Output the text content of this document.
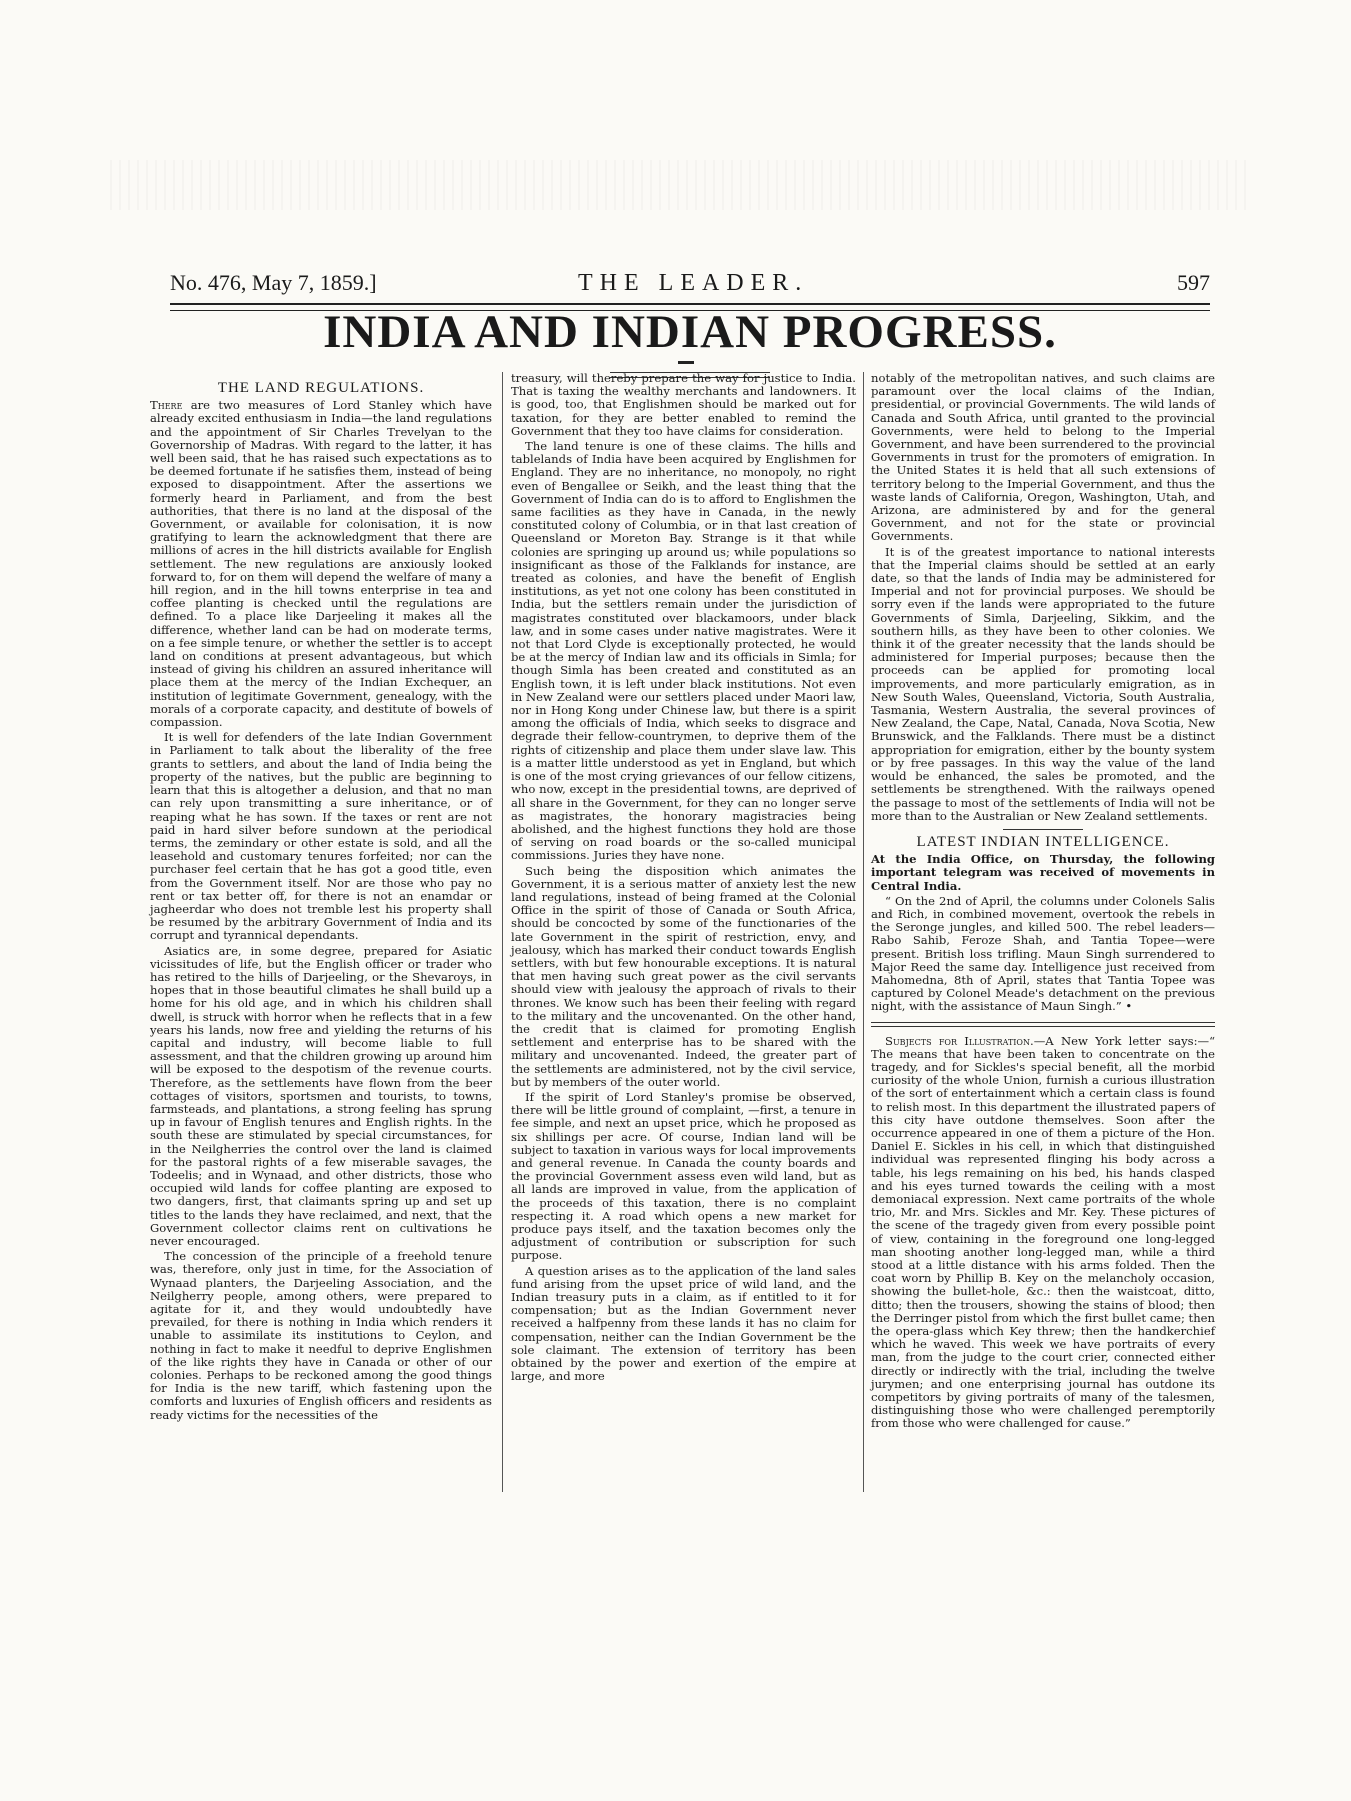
No. 476, May 7, 1859.]	THE LEADER.	597
INDIA AND INDIAN PROGRESS.
THE LAND REGULATIONS.

There are two measures of Lord Stanley which have already excited enthusiasm in India—the land regulations and the appointment of Sir Charles Trevelyan to the Governorship of Madras. With regard to the latter, it has well been said, that he has raised such expectations as to be deemed fortunate if he satisfies them, instead of being exposed to disappointment. After the assertions we formerly heard in Parliament, and from the best authorities, that there is no land at the disposal of the Government, or available for colonisation, it is now gratifying to learn the acknowledgment that there are millions of acres in the hill districts available for English settlement. The new regulations are anxiously looked forward to, for on them will depend the welfare of many a hill region, and in the hill towns enterprise in tea and coffee planting is checked until the regulations are defined. To a place like Darjeeling it makes all the difference, whether land can be had on moderate terms, on a fee simple tenure, or whether the settler is to accept land on conditions at present advantageous, but which instead of giving his children an assured inheritance will place them at the mercy of the Indian Exchequer, an institution of legitimate Government, genealogy, with the morals of a corporate capacity, and destitute of bowels of compassion.

It is well for defenders of the late Indian Government in Parliament to talk about the liberality of the free grants to settlers, and about the land of India being the property of the natives, but the public are beginning to learn that this is altogether a delusion, and that no man can rely upon transmitting a sure inheritance, or of reaping what he has sown. If the taxes or rent are not paid in hard silver before sundown at the periodical terms, the zemindary or other estate is sold, and all the leasehold and customary tenures forfeited; nor can the purchaser feel certain that he has got a good title, even from the Government itself. Nor are those who pay no rent or tax better off, for there is not an enamdar or jagheerdar who does not tremble lest his property shall be resumed by the arbitrary Government of India and its corrupt and tyrannical dependants.

Asiatics are, in some degree, prepared for Asiatic vicissitudes of life, but the English officer or trader who has retired to the hills of Darjeeling, or the Shevaroys, in hopes that in those beautiful climates he shall build up a home for his old age, and in which his children shall dwell, is struck with horror when he reflects that in a few years his lands, now free and yielding the returns of his capital and industry, will become liable to full assessment, and that the children growing up around him will be exposed to the despotism of the revenue courts. Therefore, as the settlements have flown from the beer cottages of visitors, sportsmen and tourists, to towns, farmsteads, and plantations, a strong feeling has sprung up in favour of English tenures and English rights. In the south these are stimulated by special circumstances, for in the Neilgherries the control over the land is claimed for the pastoral rights of a few miserable savages, the Todeelis; and in Wynaad, and other districts, those who occupied wild lands for coffee planting are exposed to two dangers, first, that claimants spring up and set up titles to the lands they have reclaimed, and next, that the Government collector claims rent on cultivations he never encouraged.

The concession of the principle of a freehold tenure was, therefore, only just in time, for the Association of Wynaad planters, the Darjeeling Association, and the Neilgherry people, among others, were prepared to agitate for it, and they would undoubtedly have prevailed, for there is nothing in India which renders it unable to assimilate its institutions to Ceylon, and nothing in fact to make it needful to deprive Englishmen of the like rights they have in Canada or other of our colonies. Perhaps to be reckoned among the good things for India is the new tariff, which fastening upon the comforts and luxuries of English officers and residents as ready victims for the necessities of the

treasury, will thereby prepare the way for justice to India. That is taxing the wealthy merchants and landowners. It is good, too, that Englishmen should be marked out for taxation, for they are better enabled to remind the Government that they too have claims for consideration.

The land tenure is one of these claims. The hills and tablelands of India have been acquired by Englishmen for England. They are no inheritance, no monopoly, no right even of Bengallee or Seikh, and the least thing that the Government of India can do is to afford to Englishmen the same facilities as they have in Canada, in the newly constituted colony of Columbia, or in that last creation of Queensland or Moreton Bay. Strange is it that while colonies are springing up around us; while populations so insignificant as those of the Falklands for instance, are treated as colonies, and have the benefit of English institutions, as yet not one colony has been constituted in India, but the settlers remain under the jurisdiction of magistrates constituted over blackamoors, under black law, and in some cases under native magistrates. Were it not that Lord Clyde is exceptionally protected, he would be at the mercy of Indian law and its officials in Simla; for though Simla has been created and constituted as an English town, it is left under black institutions. Not even in New Zealand were our settlers placed under Maori law, nor in Hong Kong under Chinese law, but there is a spirit among the officials of India, which seeks to disgrace and degrade their fellow-countrymen, to deprive them of the rights of citizenship and place them under slave law. This is a matter little understood as yet in England, but which is one of the most crying grievances of our fellow citizens, who now, except in the presidential towns, are deprived of all share in the Government, for they can no longer serve as magistrates, the honorary magistracies being abolished, and the highest functions they hold are those of serving on road boards or the so-called municipal commissions. Juries they have none.

Such being the disposition which animates the Government, it is a serious matter of anxiety lest the new land regulations, instead of being framed at the Colonial Office in the spirit of those of Canada or South Africa, should be concocted by some of the functionaries of the late Government in the spirit of restriction, envy, and jealousy, which has marked their conduct towards English settlers, with but few honourable exceptions. It is natural that men having such great power as the civil servants should view with jealousy the approach of rivals to their thrones. We know such has been their feeling with regard to the military and the uncovenanted. On the other hand, the credit that is claimed for promoting English settlement and enterprise has to be shared with the military and uncovenanted. Indeed, the greater part of the settlements are administered, not by the civil service, but by members of the outer world.

If the spirit of Lord Stanley's promise be observed, there will be little ground of complaint, —first, a tenure in fee simple, and next an upset price, which he proposed as six shillings per acre. Of course, Indian land will be subject to taxation in various ways for local improvements and general revenue. In Canada the county boards and the provincial Government assess even wild land, but as all lands are improved in value, from the application of the proceeds of this taxation, there is no complaint respecting it. A road which opens a new market for produce pays itself, and the taxation becomes only the adjustment of contribution or subscription for such purpose.

A question arises as to the application of the land sales fund arising from the upset price of wild land, and the Indian treasury puts in a claim, as if entitled to it for compensation; but as the Indian Government never received a halfpenny from these lands it has no claim for compensation, neither can the Indian Government be the sole claimant. The extension of territory has been obtained by the power and exertion of the empire at large, and more

notably of the metropolitan natives, and such claims are paramount over the local claims of the Indian, presidential, or provincial Governments. The wild lands of Canada and South Africa, until granted to the provincial Governments, were held to belong to the Imperial Government, and have been surrendered to the provincial Governments in trust for the promoters of emigration. In the United States it is held that all such extensions of territory belong to the Imperial Government, and thus the waste lands of California, Oregon, Washington, Utah, and Arizona, are administered by and for the general Government, and not for the state or provincial Governments.

It is of the greatest importance to national interests that the Imperial claims should be settled at an early date, so that the lands of India may be administered for Imperial and not for provincial purposes. We should be sorry even if the lands were appropriated to the future Governments of Simla, Darjeeling, Sikkim, and the southern hills, as they have been to other colonies. We think it of the greater necessity that the lands should be administered for Imperial purposes; because then the proceeds can be applied for promoting local improvements, and more particularly emigration, as in New South Wales, Queensland, Victoria, South Australia, Tasmania, Western Australia, the several provinces of New Zealand, the Cape, Natal, Canada, Nova Scotia, New Brunswick, and the Falklands. There must be a distinct appropriation for emigration, either by the bounty system or by free passages. In this way the value of the land would be enhanced, the sales be promoted, and the settlements be strengthened. With the railways opened the passage to most of the settlements of India will not be more than to the Australian or New Zealand settlements.

LATEST INDIAN INTELLIGENCE.

At the India Office, on Thursday, the following important telegram was received of movements in Central India.

“ On the 2nd of April, the columns under Colonels Salis and Rich, in combined movement, overtook the rebels in the Seronge jungles, and killed 500. The rebel leaders—Rabo Sahib, Feroze Shah, and Tantia Topee—were present. British loss trifling. Maun Singh surrendered to Major Reed the same day. Intelligence just received from Mahomedna, 8th of April, states that Tantia Topee was captured by Colonel Meade's detachment on the previous night, with the assistance of Maun Singh.” •

Subjects for Illustration.—A New York letter says:—“ The means that have been taken to concentrate on the tragedy, and for Sickles's special benefit, all the morbid curiosity of the whole Union, furnish a curious illustration of the sort of entertainment which a certain class is found to relish most. In this department the illustrated papers of this city have outdone themselves. Soon after the occurrence appeared in one of them a picture of the Hon. Daniel E. Sickles in his cell, in which that distinguished individual was represented flinging his body across a table, his legs remaining on his bed, his hands clasped and his eyes turned towards the ceiling with a most demoniacal expression. Next came portraits of the whole trio, Mr. and Mrs. Sickles and Mr. Key. These pictures of the scene of the tragedy given from every possible point of view, containing in the foreground one long-legged man shooting another long-legged man, while a third stood at a little distance with his arms folded. Then the coat worn by Phillip B. Key on the melancholy occasion, showing the bullet-hole, &c.: then the waistcoat, ditto, ditto; then the trousers, showing the stains of blood; then the Derringer pistol from which the first bullet came; then the opera-glass which Key threw; then the handkerchief which he waved. This week we have portraits of every man, from the judge to the court crier, connected either directly or indirectly with the trial, including the twelve jurymen; and one enterprising journal has outdone its competitors by giving portraits of many of the talesmen, distinguishing those who were challenged peremptorily from those who were challenged for cause.”
